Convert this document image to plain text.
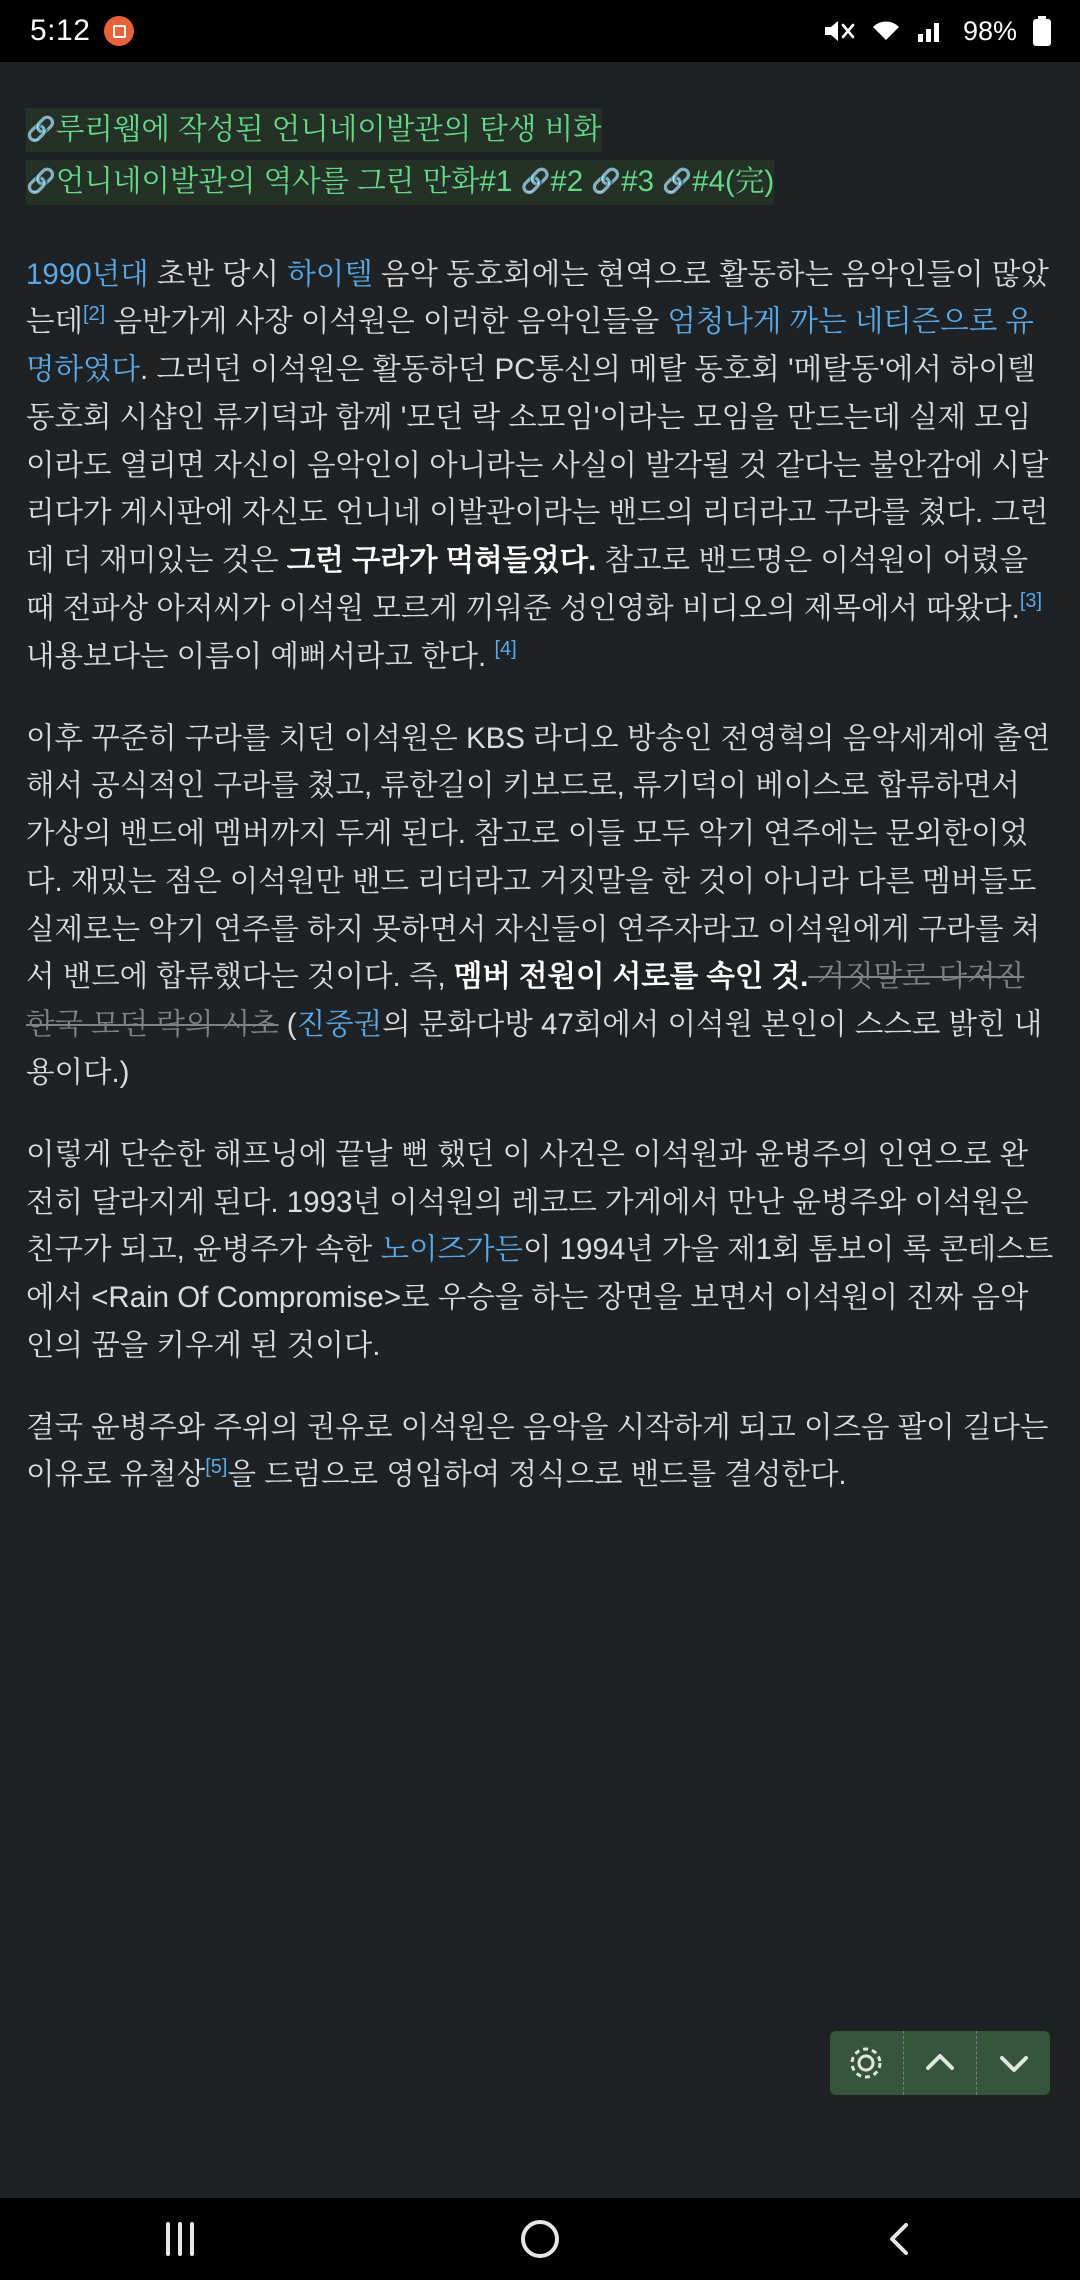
5:12	98%
🔗루리웹에 작성된 언니네이발관의 탄생 비화
🔗언니네이발관의 역사를 그린 만화#1 🔗#2 🔗#3 🔗#4(完)

1990년대 초반 당시 하이텔 음악 동호회에는 현역으로 활동하는 음악인들이 많았는데[2] 음반가게 사장 이석원은 이러한 음악인들을 엄청나게 까는 네티즌으로 유명하였다. 그러던 이석원은 활동하던 PC통신의 메탈 동호회 '메탈동'에서 하이텔 동호회 시샵인 류기덕과 함께 '모던 락 소모임'이라는 모임을 만드는데 실제 모임이라도 열리면 자신이 음악인이 아니라는 사실이 발각될 것 같다는 불안감에 시달리다가 게시판에 자신도 언니네 이발관이라는 밴드의 리더라고 구라를 쳤다. 그런데 더 재미있는 것은 그런 구라가 먹혀들었다. 참고로 밴드명은 이석원이 어렸을 때 전파상 아저씨가 이석원 모르게 끼워준 성인영화 비디오의 제목에서 따왔다.[3] 내용보다는 이름이 예뻐서라고 한다. [4]

이후 꾸준히 구라를 치던 이석원은 KBS 라디오 방송인 전영혁의 음악세계에 출연해서 공식적인 구라를 쳤고, 류한길이 키보드로, 류기덕이 베이스로 합류하면서 가상의 밴드에 멤버까지 두게 된다. 참고로 이들 모두 악기 연주에는 문외한이었다. 재밌는 점은 이석원만 밴드 리더라고 거짓말을 한 것이 아니라 다른 멤버들도 실제로는 악기 연주를 하지 못하면서 자신들이 연주자라고 이석원에게 구라를 쳐서 밴드에 합류했다는 것이다. 즉, 멤버 전원이 서로를 속인 것. 거짓말로 다져진 한국 모던 락의 시초 (진중권의 문화다방 47회에서 이석원 본인이 스스로 밝힌 내용이다.)

이렇게 단순한 해프닝에 끝날 뻔 했던 이 사건은 이석원과 윤병주의 인연으로 완전히 달라지게 된다. 1993년 이석원의 레코드 가게에서 만난 윤병주와 이석원은 친구가 되고, 윤병주가 속한 노이즈가든이 1994년 가을 제1회 톰보이 록 콘테스트에서 <Rain Of Compromise>로 우승을 하는 장면을 보면서 이석원이 진짜 음악인의 꿈을 키우게 된 것이다.

결국 윤병주와 주위의 권유로 이석원은 음악을 시작하게 되고 이즈음 팔이 길다는 이유로 유철상[5]을 드럼으로 영입하여 정식으로 밴드를 결성한다.
